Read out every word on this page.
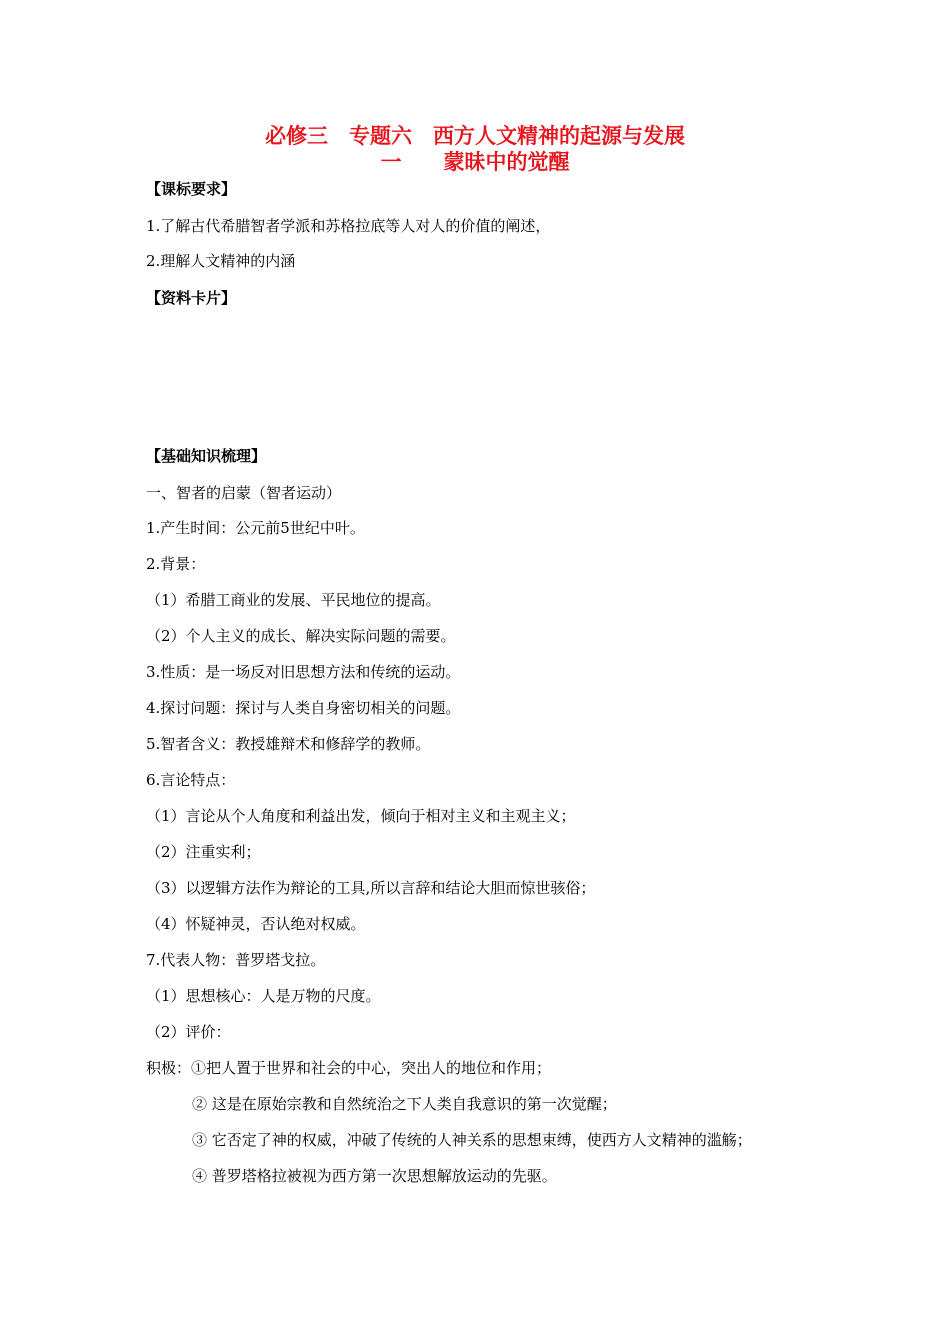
必修三　专题六　西方人文精神的起源与发展
一　　蒙昧中的觉醒
【课标要求】
1.了解古代希腊智者学派和苏格拉底等人对人的价值的阐述，
2.理解人文精神的内涵
【资料卡片】
【基础知识梳理】
一、智者的启蒙（智者运动）
1.产生时间：公元前5世纪中叶。
2.背景：
（1）希腊工商业的发展、平民地位的提高。
（2）个人主义的成长、解决实际问题的需要。
3.性质：是一场反对旧思想方法和传统的运动。
4.探讨问题：探讨与人类自身密切相关的问题。
5.智者含义：教授雄辩术和修辞学的教师。
6.言论特点：
（1）言论从个人角度和利益出发，倾向于相对主义和主观主义；
（2）注重实利；
（3）以逻辑方法作为辩论的工具,所以言辞和结论大胆而惊世骇俗；
（4）怀疑神灵，否认绝对权威。
7.代表人物：普罗塔戈拉。
（1）思想核心：人是万物的尺度。
（2）评价：
积极：①把人置于世界和社会的中心，突出人的地位和作用；
② 这是在原始宗教和自然统治之下人类自我意识的第一次觉醒；
③ 它否定了神的权威，冲破了传统的人神关系的思想束缚，使西方人文精神的滥觞；
④ 普罗塔格拉被视为西方第一次思想解放运动的先驱。
